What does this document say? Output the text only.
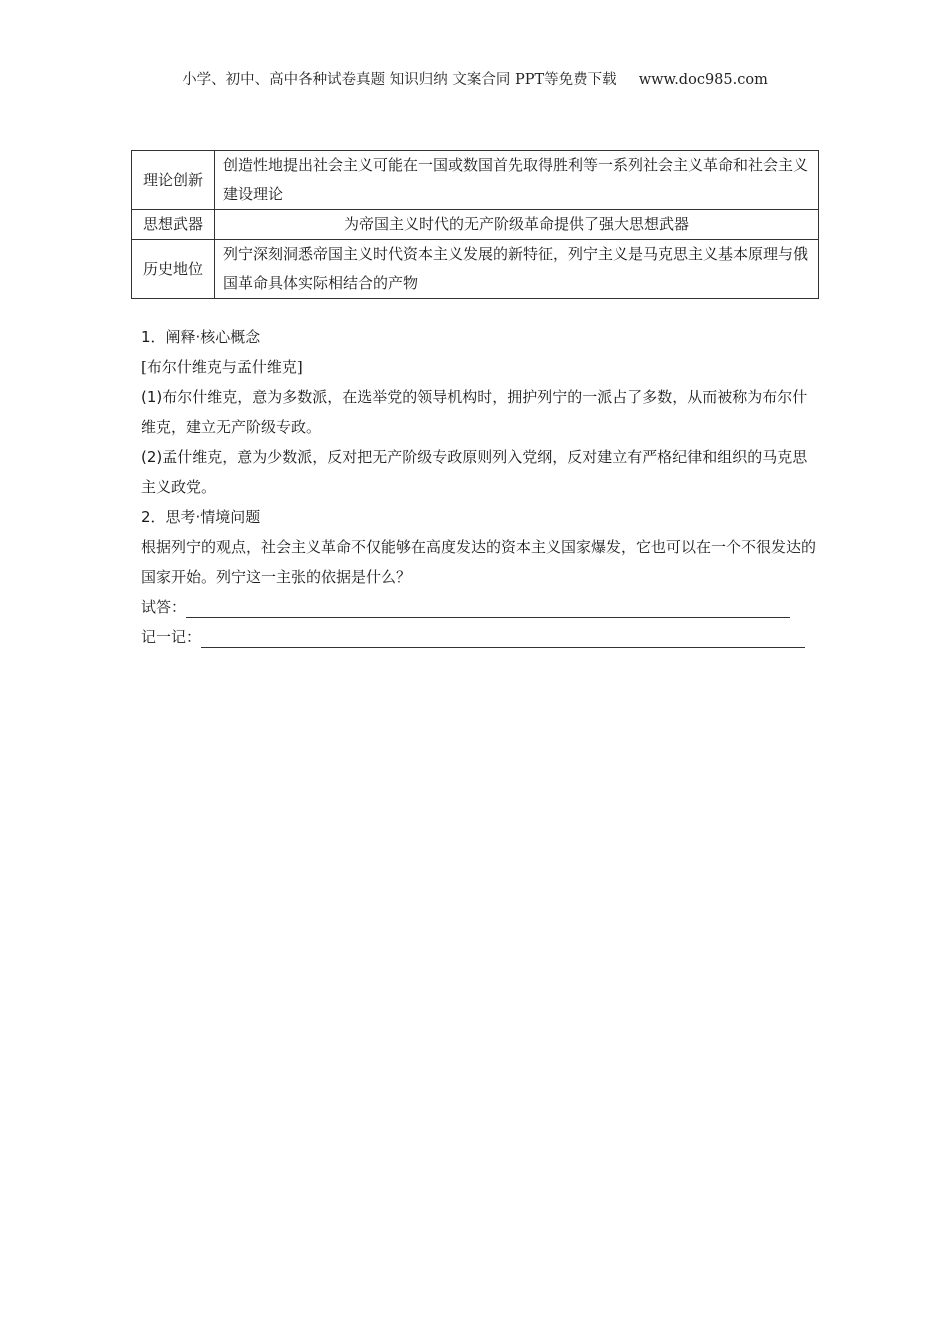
小学、初中、高中各种试卷真题 知识归纳 文案合同 PPT等免费下载 www.doc985.com
理论创新	创造性地提出社会主义可能在一国或数国首先取得胜利等一系列社会主义革命和社会主义建设理论
思想武器	为帝国主义时代的无产阶级革命提供了强大思想武器
历史地位	列宁深刻洞悉帝国主义时代资本主义发展的新特征，列宁主义是马克思主义基本原理与俄国革命具体实际相结合的产物

1．阐释·核心概念

[布尔什维克与孟什维克]

(1)布尔什维克，意为多数派，在选举党的领导机构时，拥护列宁的一派占了多数，从而被称为布尔什维克，建立无产阶级专政。

(2)孟什维克，意为少数派，反对把无产阶级专政原则列入党纲，反对建立有严格纪律和组织的马克思主义政党。

2．思考·情境问题

根据列宁的观点，社会主义革命不仅能够在高度发达的资本主义国家爆发，它也可以在一个不很发达的国家开始。列宁这一主张的依据是什么？

试答：
记一记：
